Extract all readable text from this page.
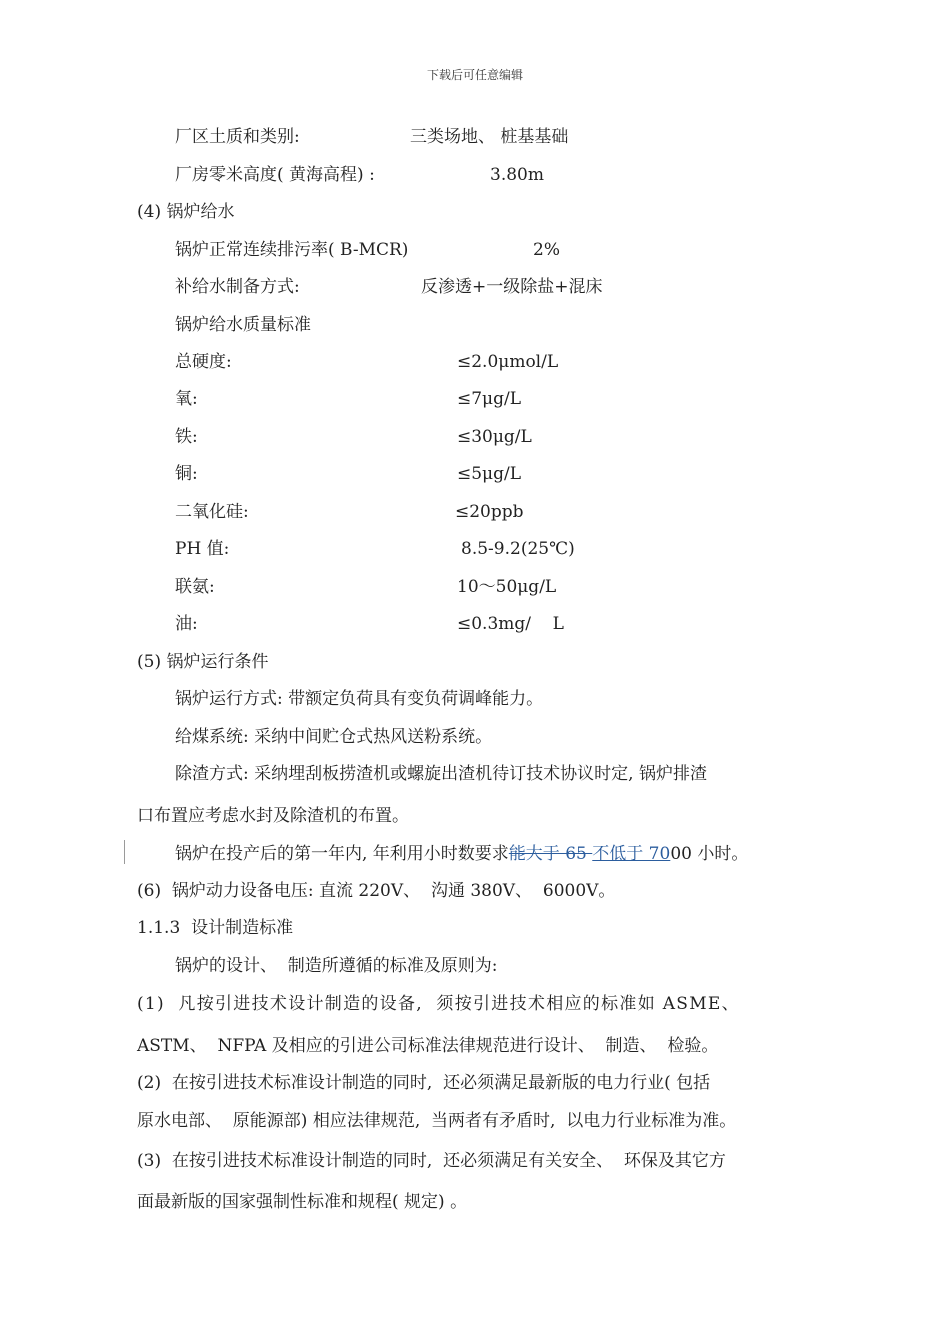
下载后可任意编辑
厂区土质和类别:	三类场地、 桩基基础
厂房零米高度( 黄海高程) :	3.80m
(4) 锅炉给水
锅炉正常连续排污率( B-MCR)	2%
补给水制备方式:	反渗透+一级除盐+混床
锅炉给水质量标准
总硬度:	≤2.0μmol/L
氧:	≤7μg/L
铁:	≤30μg/L
铜:	≤5μg/L
二氧化硅:	≤20ppb
PH 值:	8.5-9.2(25℃)
联氨:	10～50μg/L
油:	≤0.3mg/    L
(5) 锅炉运行条件
锅炉运行方式: 带额定负荷具有变负荷调峰能力。
给煤系统: 采纳中间贮仓式热风送粉系统。
除渣方式: 采纳埋刮板捞渣机或螺旋出渣机待订技术协议时定, 锅炉排渣
口布置应考虑水封及除渣机的布置。
锅炉在投产后的第一年内, 年利用小时数要求能大于 65 不低于 7000 小时。
(6)  锅炉动力设备电压: 直流 220V、  沟通 380V、  6000V。
1.1.3  设计制造标准
锅炉的设计、  制造所遵循的标准及原则为:
(1)  凡按引进技术设计制造的设备,  须按引进技术相应的标准如 ASME、
ASTM、  NFPA 及相应的引进公司标准法律规范进行设计、  制造、  检验。
(2)  在按引进技术标准设计制造的同时,  还必须满足最新版的电力行业( 包括
原水电部、  原能源部) 相应法律规范,  当两者有矛盾时,  以电力行业标准为准。
(3)  在按引进技术标准设计制造的同时,  还必须满足有关安全、  环保及其它方
面最新版的国家强制性标准和规程( 规定) 。
